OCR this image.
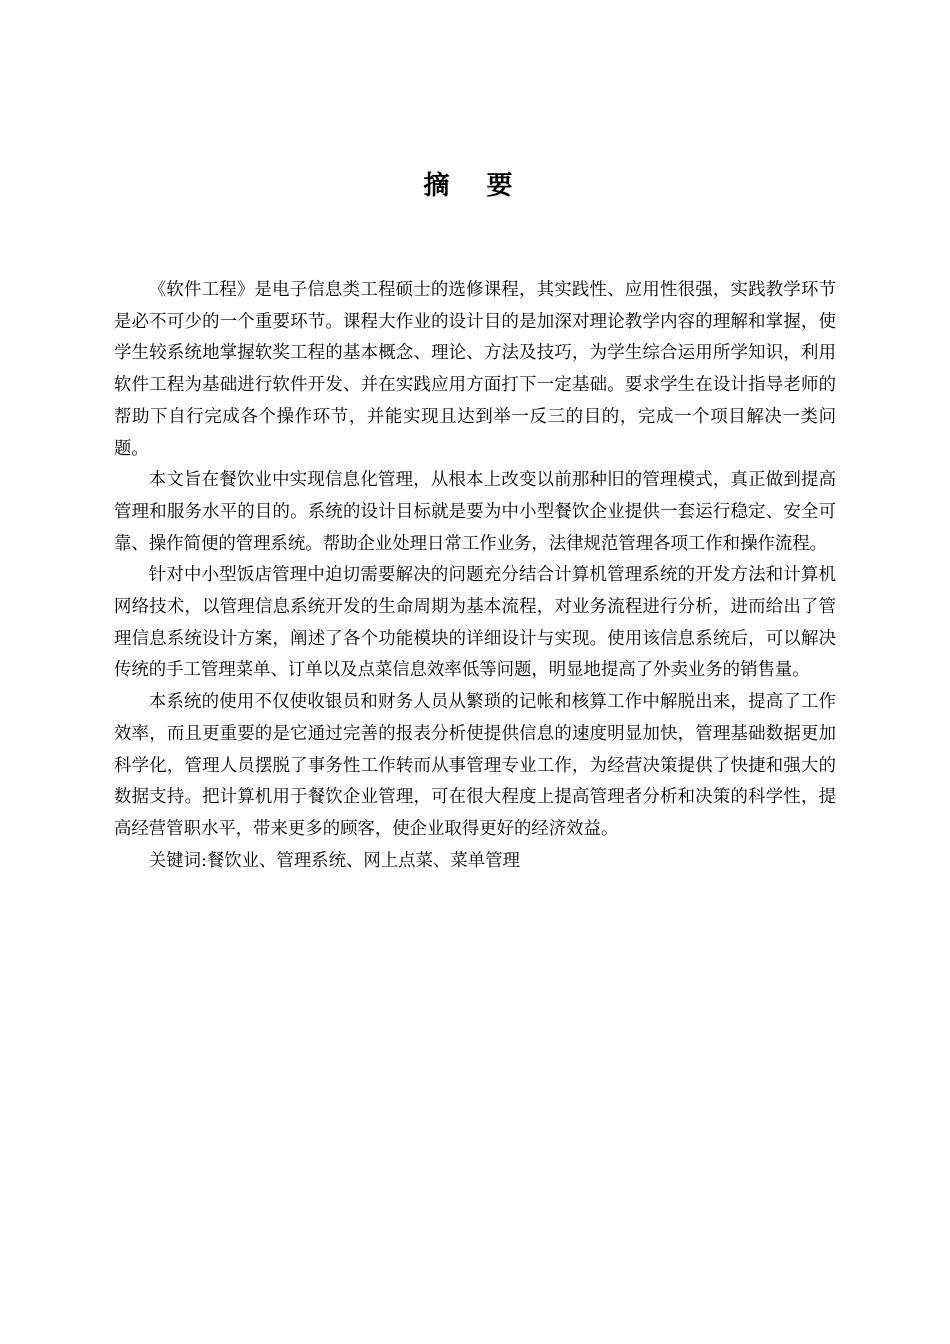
摘 要

《软件工程》是电子信息类工程硕士的选修课程，其实践性、应用性很强，实践教学环节是必不可少的一个重要环节。课程大作业的设计目的是加深对理论教学内容的理解和掌握，使学生较系统地掌握软奖工程的基本概念、理论、方法及技巧，为学生综合运用所学知识，利用软件工程为基础进行软件开发、并在实践应用方面打下一定基础。要求学生在设计指导老师的帮助下自行完成各个操作环节，并能实现且达到举一反三的目的，完成一个项目解决一类问题。

本文旨在餐饮业中实现信息化管理，从根本上改变以前那种旧的管理模式，真正做到提高管理和服务水平的目的。系统的设计目标就是要为中小型餐饮企业提供一套运行稳定、安全可靠、操作简便的管理系统。帮助企业处理日常工作业务，法律规范管理各项工作和操作流程。

针对中小型饭店管理中迫切需要解决的问题充分结合计算机管理系统的开发方法和计算机网络技术，以管理信息系统开发的生命周期为基本流程，对业务流程进行分析，进而给出了管理信息系统设计方案，阐述了各个功能模块的详细设计与实现。使用该信息系统后，可以解决传统的手工管理菜单、订单以及点菜信息效率低等问题，明显地提高了外卖业务的销售量。

本系统的使用不仅使收银员和财务人员从繁琐的记帐和核算工作中解脱出来，提高了工作效率，而且更重要的是它通过完善的报表分析使提供信息的速度明显加快，管理基础数据更加科学化，管理人员摆脱了事务性工作转而从事管理专业工作，为经营决策提供了快捷和强大的数据支持。把计算机用于餐饮企业管理，可在很大程度上提高管理者分析和决策的科学性，提高经营管职水平，带来更多的顾客，使企业取得更好的经济效益。

关键词:餐饮业、管理系统、网上点菜、菜单管理
